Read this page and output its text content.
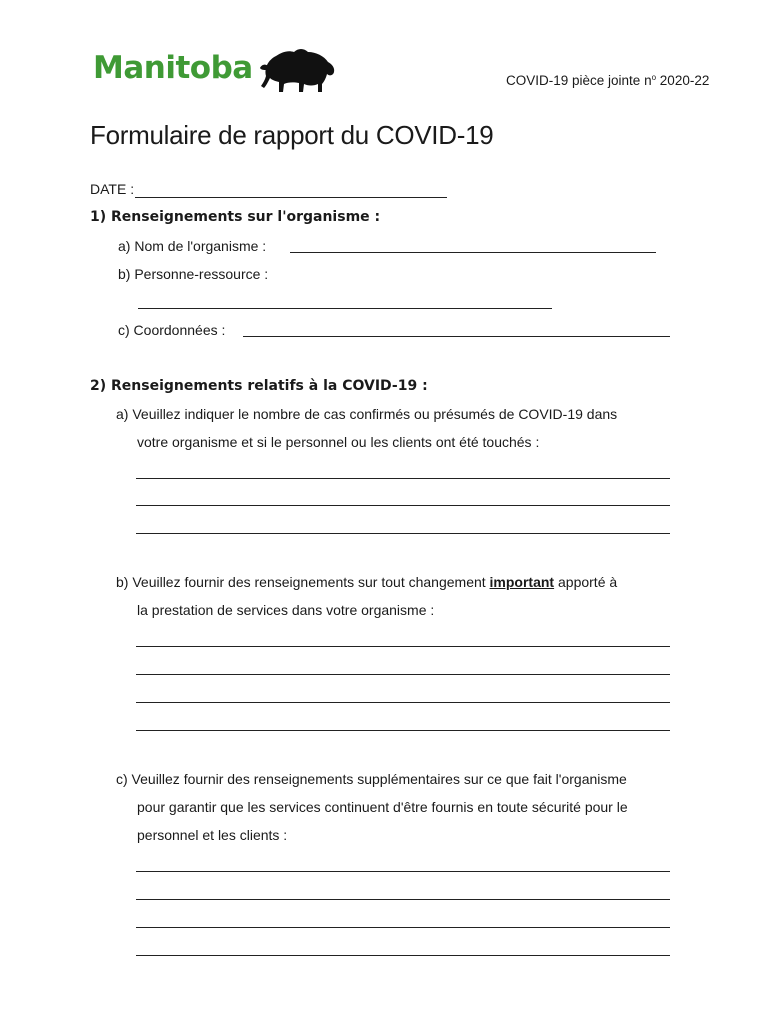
Manitoba	COVID-19 pièce jointe $n^o$ 2020-22
Formulaire de rapport du COVID-19
DATE :
1) Renseignements sur l'organisme :
a) Nom de l'organisme :
b) Personne-ressource :
c) Coordonnées :
2) Renseignements relatifs à la COVID-19 :
a) Veuillez indiquer le nombre de cas confirmés ou présumés de COVID-19 dans
votre organisme et si le personnel ou les clients ont été touchés :
b) Veuillez fournir des renseignements sur tout changement important apporté à
la prestation de services dans votre organisme :
c) Veuillez fournir des renseignements supplémentaires sur ce que fait l'organisme
pour garantir que les services continuent d'être fournis en toute sécurité pour le
personnel et les clients :
